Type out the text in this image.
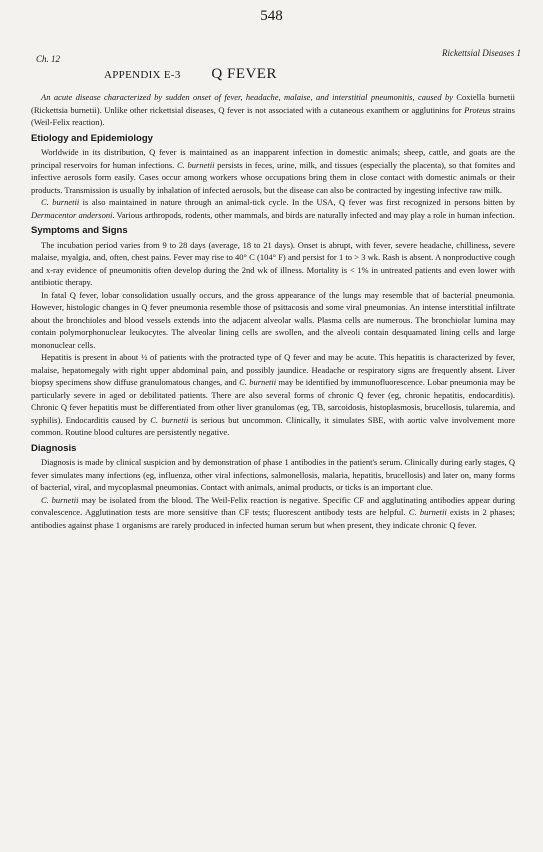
548
Ch. 12
Rickettsial Diseases 1
APPENDIX E-3 Q FEVER

An acute disease characterized by sudden onset of fever, headache, malaise, and interstitial pneumonitis, caused by Coxiella burnetii (Rickettsia burnetii). Unlike other rickettsial diseases, Q fever is not associated with a cutaneous exanthem or agglutinins for Proteus strains (Weil-Felix reaction).

Etiology and Epidemiology

Worldwide in its distribution, Q fever is maintained as an inapparent infection in domestic animals; sheep, cattle, and goats are the principal reservoirs for human infections. C. burnetii persists in feces, urine, milk, and tissues (especially the placenta), so that fomites and infective aerosols form easily. Cases occur among workers whose occupations bring them in close contact with domestic animals or their products. Transmission is usually by inhalation of infected aerosols, but the disease can also be contracted by ingesting infective raw milk.

C. burnetii is also maintained in nature through an animal-tick cycle. In the USA, Q fever was first recognized in persons bitten by Dermacentor andersoni. Various arthropods, rodents, other mammals, and birds are naturally infected and may play a role in human infection.

Symptoms and Signs

The incubation period varies from 9 to 28 days (average, 18 to 21 days). Onset is abrupt, with fever, severe headache, chilliness, severe malaise, myalgia, and, often, chest pains. Fever may rise to 40° C (104° F) and persist for 1 to > 3 wk. Rash is absent. A nonproductive cough and x-ray evidence of pneumonitis often develop during the 2nd wk of illness. Mortality is < 1% in untreated patients and even lower with antibiotic therapy.

In fatal Q fever, lobar consolidation usually occurs, and the gross appearance of the lungs may resemble that of bacterial pneumonia. However, histologic changes in Q fever pneumonia resemble those of psittacosis and some viral pneumonias. An intense interstitial infiltrate about the bronchioles and blood vessels extends into the adjacent alveolar walls. Plasma cells are numerous. The bronchiolar lumina may contain polymorphonuclear leukocytes. The alveolar lining cells are swollen, and the alveoli contain desquamated lining cells and large mononuclear cells.

Hepatitis is present in about ½ of patients with the protracted type of Q fever and may be acute. This hepatitis is characterized by fever, malaise, hepatomegaly with right upper abdominal pain, and possibly jaundice. Headache or respiratory signs are frequently absent. Liver biopsy specimens show diffuse granulomatous changes, and C. burnetii may be identified by immunofluorescence. Lobar pneumonia may be particularly severe in aged or debilitated patients. There are also several forms of chronic Q fever (eg, chronic hepatitis, endocarditis). Chronic Q fever hepatitis must be differentiated from other liver granulomas (eg, TB, sarcoidosis, histoplasmosis, brucellosis, tularemia, and syphilis). Endocarditis caused by C. burnetii is serious but uncommon. Clinically, it simulates SBE, with aortic valve involvement more common. Routine blood cultures are persistently negative.

Diagnosis

Diagnosis is made by clinical suspicion and by demonstration of phase 1 antibodies in the patient's serum. Clinically during early stages, Q fever simulates many infections (eg, influenza, other viral infections, salmonellosis, malaria, hepatitis, brucellosis) and later on, many forms of bacterial, viral, and mycoplasmal pneumonias. Contact with animals, animal products, or ticks is an important clue.

C. burnetii may be isolated from the blood. The Weil-Felix reaction is negative. Specific CF and agglutinating antibodies appear during convalescence. Agglutination tests are more sensitive than CF tests; fluorescent antibody tests are helpful. C. burnetii exists in 2 phases; antibodies against phase 1 organisms are rarely produced in infected human serum but when present, they indicate chronic Q fever.
